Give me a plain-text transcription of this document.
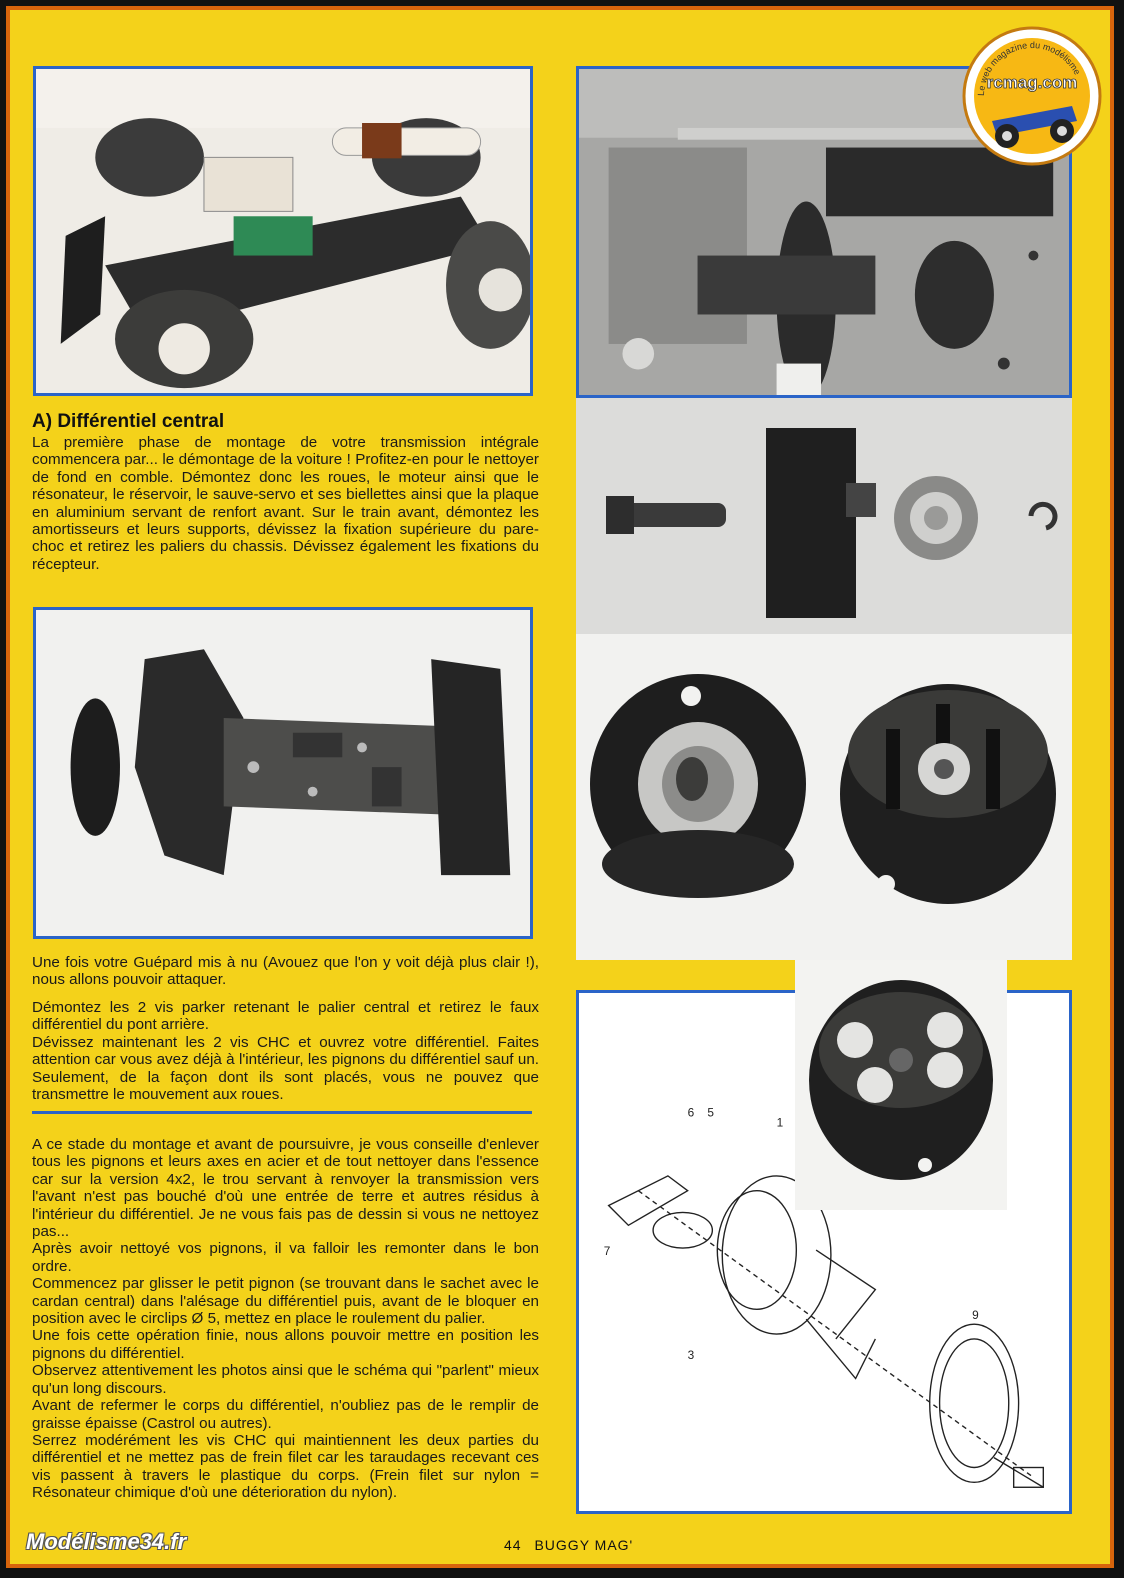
A) Différentiel central

La première phase de montage de votre transmission intégrale commencera par... le démontage de la voiture ! Profitez-en pour le nettoyer de fond en comble. Démontez donc les roues, le moteur ainsi que le résonateur, le réservoir, le sauve-servo et ses biellettes ainsi que la plaque en aluminium servant de renfort avant. Sur le train avant, démontez les amortisseurs et leurs supports, dévissez la fixation supérieure du pare-choc et retirez les paliers du chassis. Dévissez également les fixations du récepteur.

Une fois votre Guépard mis à nu (Avouez que l'on y voit déjà plus clair !), nous allons pouvoir attaquer.

Démontez les 2 vis parker retenant le palier central et retirez le faux différentiel du pont arrière.
Dévissez maintenant les 2 vis CHC et ouvrez votre différentiel. Faites attention car vous avez déjà à l'intérieur, les pignons du différentiel sauf un. Seulement, de la façon dont ils sont placés, vous ne pouvez que transmettre le mouvement aux roues.

A ce stade du montage et avant de poursuivre, je vous conseille d'enlever tous les pignons et leurs axes en acier et de tout nettoyer dans l'essence car sur la version 4x2, le trou servant à renvoyer la transmission vers l'avant n'est pas bouché d'où une entrée de terre et autres résidus à l'intérieur du différentiel. Je ne vous fais pas de dessin si vous ne nettoyez pas...
Après avoir nettoyé vos pignons, il va falloir les remonter dans le bon ordre.
Commencez par glisser le petit pignon (se trouvant dans le sachet avec le cardan central) dans l'alésage du différentiel puis, avant de le bloquer en position avec le circlips Ø 5, mettez en place le roulement du palier.
Une fois cette opération finie, nous allons pouvoir mettre en position les pignons du différentiel.
Observez attentivement les photos ainsi que le schéma qui "parlent" mieux qu'un long discours.
Avant de refermer le corps du différentiel, n'oubliez pas de le remplir de graisse épaisse (Castrol ou autres).
Serrez modérément les vis CHC qui maintiennent les deux parties du différentiel et ne mettez pas de frein filet car les taraudages recevant ces vis passent à travers le plastique du corps. (Frein filet sur nylon = Résonateur chimique d'où une déterioration du nylon).

1
3
5
6
7
9
Le web magazine du modélisme
rcmag.com
44 BUGGY MAG'
Modélisme34.fr
